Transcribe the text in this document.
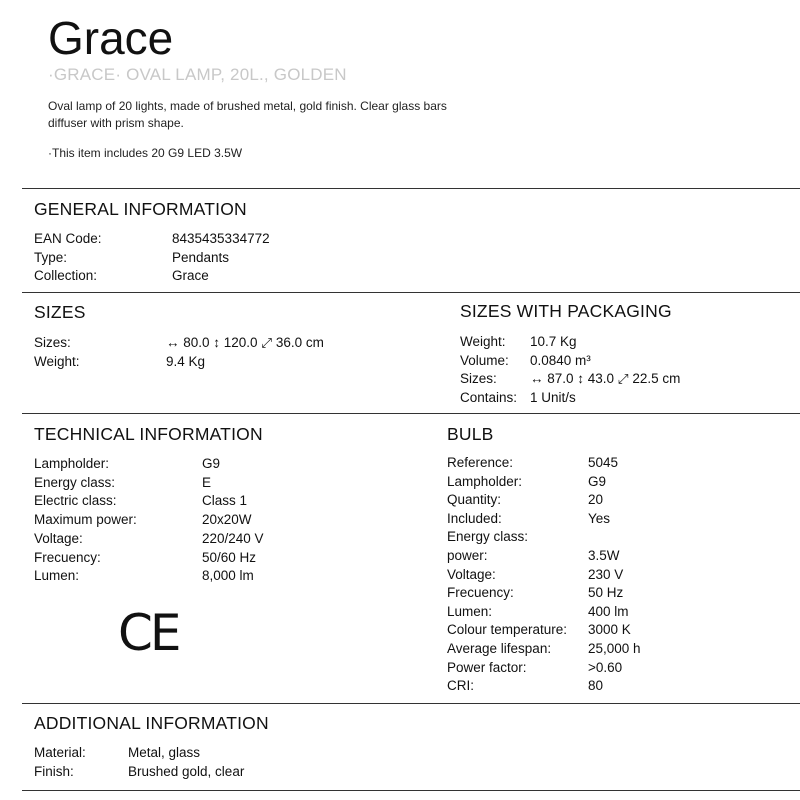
Grace
·GRACE· OVAL LAMP, 20L., GOLDEN
Oval lamp of 20 lights, made of brushed metal, gold finish. Clear glass bars diffuser with prism shape.
·This item includes 20 G9 LED 3.5W
GENERAL INFORMATION
EAN Code:	8435435334772
Type:	Pendants
Collection:	Grace
SIZES
Sizes:	↔ 80.0 ↕ 120.0 ⤢ 36.0 cm
Weight:	9.4 Kg
SIZES WITH PACKAGING
Weight: 10.7 Kg
Volume: 0.0840 m³
Sizes: ↔ 87.0 ↕ 43.0 ⤢ 22.5 cm
Contains: 1 Unit/s
TECHNICAL INFORMATION
Lampholder:	G9
Energy class:	E
Electric class:	Class 1
Maximum power:	20x20W
Voltage:	220/240 V
Frecuency:	50/60 Hz
Lumen:	8,000 lm
CE
BULB
Reference:	5045
Lampholder:	G9
Quantity:	20
Included:	Yes
Energy class:
power:	3.5W
Voltage:	230 V
Frecuency:	50 Hz
Lumen:	400 lm
Colour temperature: 3000 K
Average lifespan:	25,000 h
Power factor:	>0.60
CRI:	80
ADDITIONAL INFORMATION
Material:	Metal, glass
Finish:	Brushed gold, clear
